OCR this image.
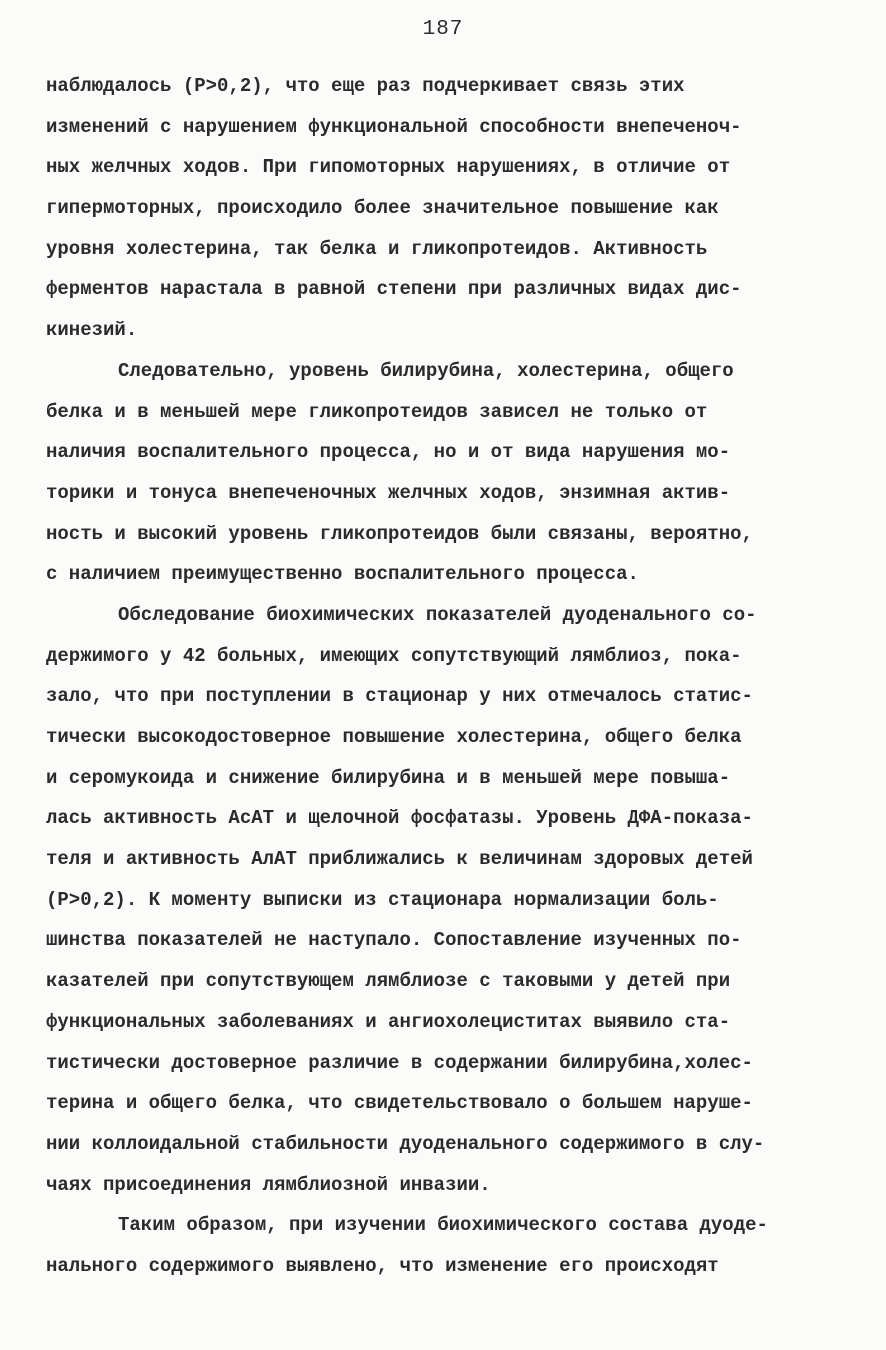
187
наблюдалось (P>0,2), что еще раз подчеркивает связь этих
изменений с нарушением функциональной способности внепеченоч-
ных желчных ходов. При гипомоторных нарушениях, в отличие от
гипермоторных, происходило более значительное повышение как
уровня холестерина, так белка и гликопротеидов. Активность
ферментов нарастала в равной степени при различных видах дис-
кинезий.
Следовательно, уровень билирубина, холестерина, общего
белка и в меньшей мере гликопротеидов зависел не только от
наличия воспалительного процесса, но и от вида нарушения мо-
торики и тонуса внепеченочных желчных ходов, энзимная актив-
ность и высокий уровень гликопротеидов были связаны, вероятно,
с наличием преимущественно воспалительного процесса.
Обследование биохимических показателей дуоденального со-
держимого у 42 больных, имеющих сопутствующий лямблиоз, пока-
зало, что при поступлении в стационар у них отмечалось статис-
тически высокодостоверное повышение холестерина, общего белка
и серомукоида и снижение билирубина и в меньшей мере повыша-
лась активность АсАТ и щелочной фосфатазы. Уровень ДФА-показа-
теля и активность АлАТ приближались к величинам здоровых детей
(P>0,2). К моменту выписки из стационара нормализации боль-
шинства показателей не наступало. Сопоставление изученных по-
казателей при сопутствующем лямблиозе с таковыми у детей при
функциональных заболеваниях и ангиохолециститах выявило ста-
тистически достоверное различие в содержании билирубина,холес-
терина и общего белка, что свидетельствовало о большем наруше-
нии коллоидальной стабильности дуоденального содержимого в слу-
чаях присоединения лямблиозной инвазии.
Таким образом, при изучении биохимического состава дуоде-
нального содержимого выявлено, что изменение его происходят
